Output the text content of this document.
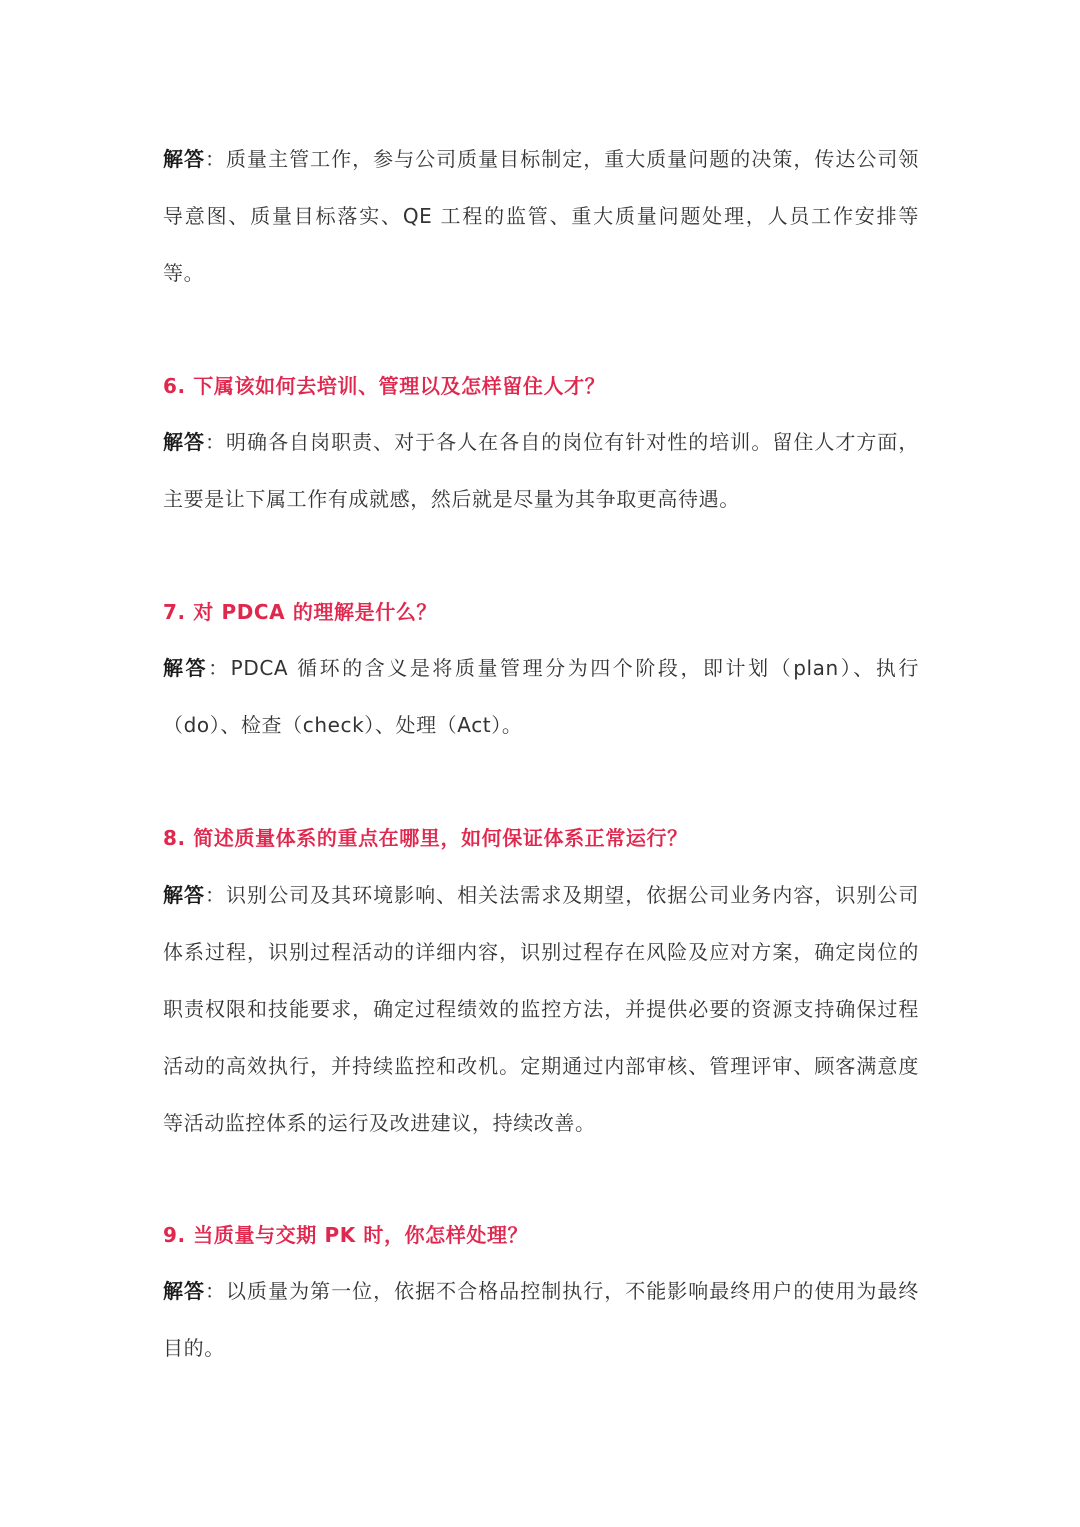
解答：质量主管工作，参与公司质量目标制定，重大质量问题的决策，传达公司领导意图、质量目标落实、QE 工程的监管、重大质量问题处理，人员工作安排等等。
6. 下属该如何去培训、管理以及怎样留住人才？
解答：明确各自岗职责、对于各人在各自的岗位有针对性的培训。留住人才方面，主要是让下属工作有成就感，然后就是尽量为其争取更高待遇。
7. 对 PDCA 的理解是什么？
解答：PDCA 循环的含义是将质量管理分为四个阶段，即计划（plan）、执行（do）、检查（check）、处理（Act）。
8. 简述质量体系的重点在哪里，如何保证体系正常运行？
解答：识别公司及其环境影响、相关法需求及期望，依据公司业务内容，识别公司体系过程，识别过程活动的详细内容，识别过程存在风险及应对方案，确定岗位的职责权限和技能要求，确定过程绩效的监控方法，并提供必要的资源支持确保过程活动的高效执行，并持续监控和改机。定期通过内部审核、管理评审、顾客满意度等活动监控体系的运行及改进建议，持续改善。
9. 当质量与交期 PK 时，你怎样处理？
解答：以质量为第一位，依据不合格品控制执行，不能影响最终用户的使用为最终目的。
